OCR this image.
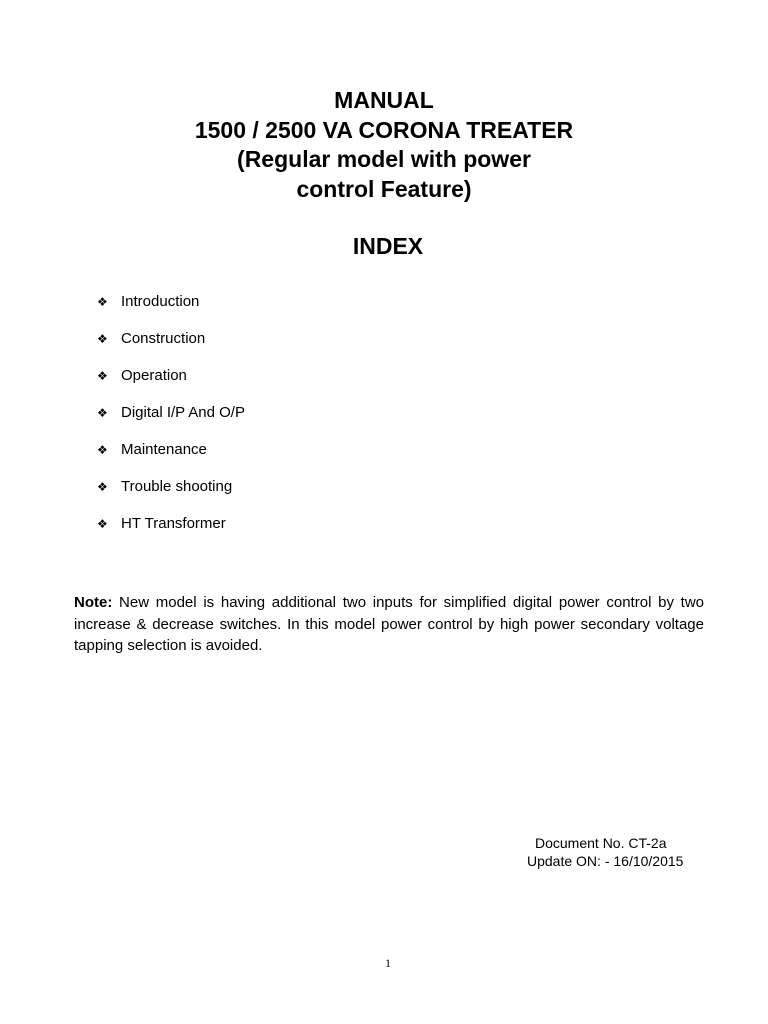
MANUAL
1500 / 2500 VA CORONA TREATER
(Regular model with power
control Feature)
INDEX
❖ Introduction
❖ Construction
❖ Operation
❖ Digital I/P And O/P
❖ Maintenance
❖ Trouble shooting
❖ HT Transformer

Note: New model is having additional two inputs for simplified digital power control by two increase & decrease switches. In this model power control by high power secondary voltage tapping selection is avoided.

Document No. CT-2a
Update ON: - 16/10/2015
1
